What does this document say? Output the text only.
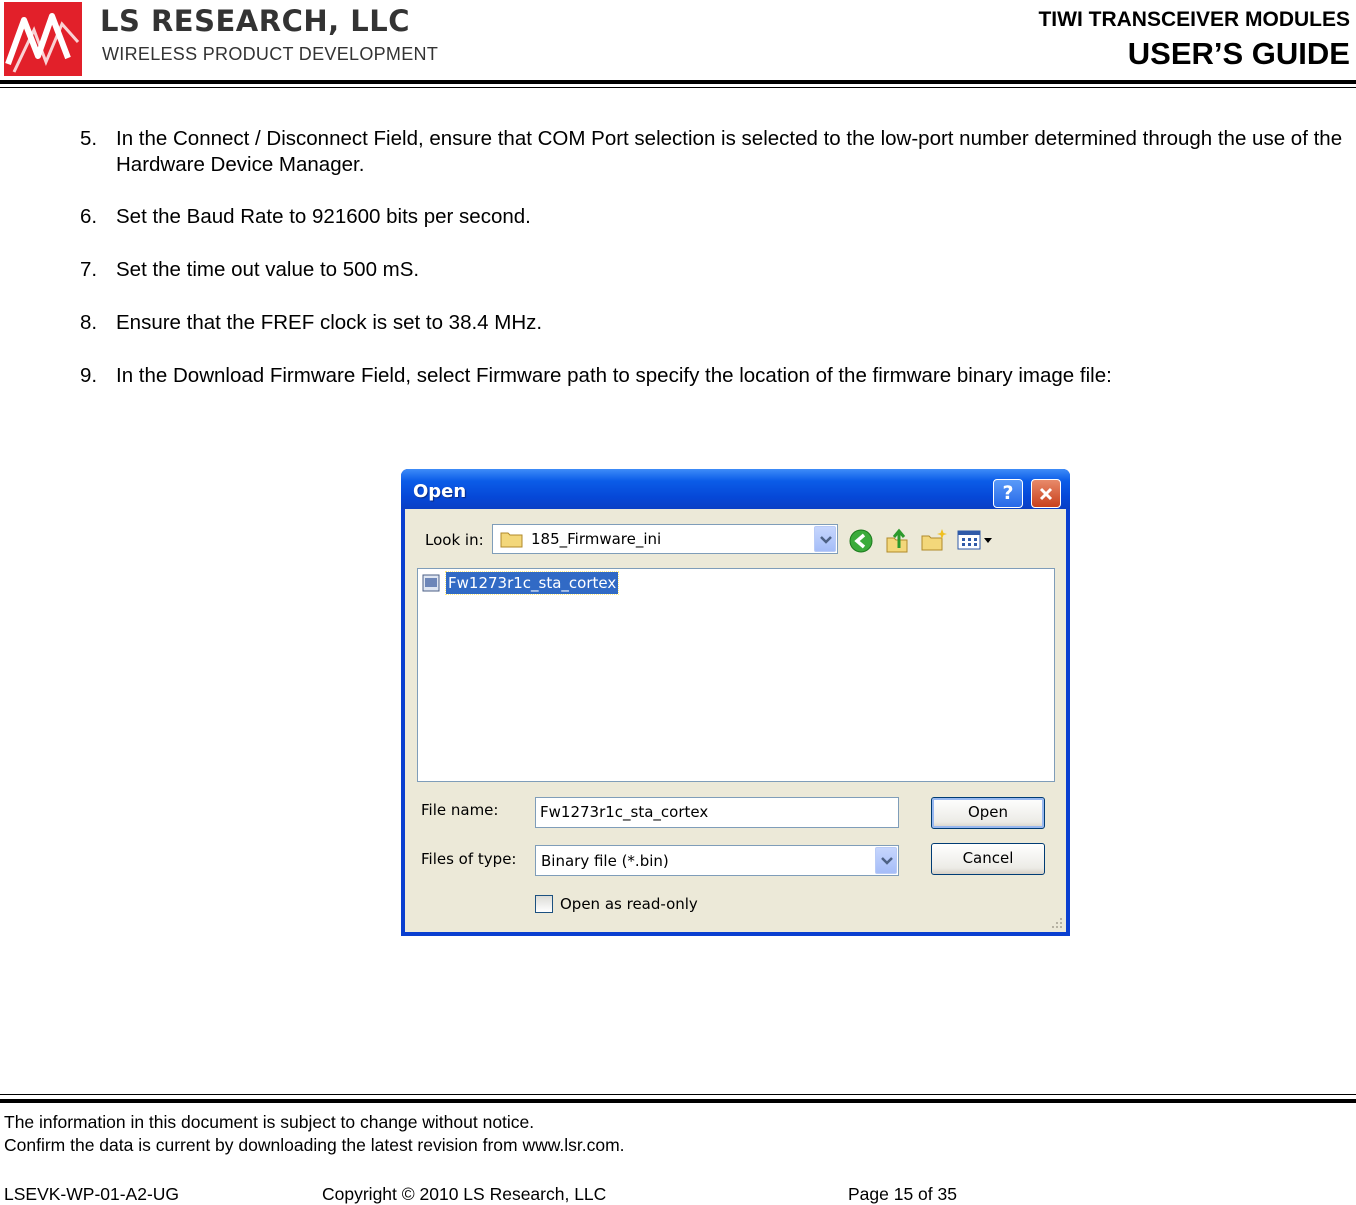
LS RESEARCH, LLC
WIRELESS PRODUCT DEVELOPMENT
TIWI TRANSCEIVER MODULES
USER’S GUIDE
5. In the Connect / Disconnect Field, ensure that COM Port selection is selected to the low-port number determined through the use of the Hardware Device Manager.
6. Set the Baud Rate to 921600 bits per second.
7. Set the time out value to 500 mS.
8. Ensure that the FREF clock is set to 38.4 MHz.
9. In the Download Firmware Field, select Firmware path to specify the location of the firmware binary image file:
Open	?
Look in:	185_Firmware_ini
Fw1273r1c_sta_cortex
File name:	Fw1273r1c_sta_cortex	Open
Files of type: Binary file (*.bin)	Cancel
Open as read-only
The information in this document is subject to change without notice.
Confirm the data is current by downloading the latest revision from www.lsr.com.
LSEVK-WP-01-A2-UG	Copyright © 2010 LS Research, LLC	Page 15 of 35
